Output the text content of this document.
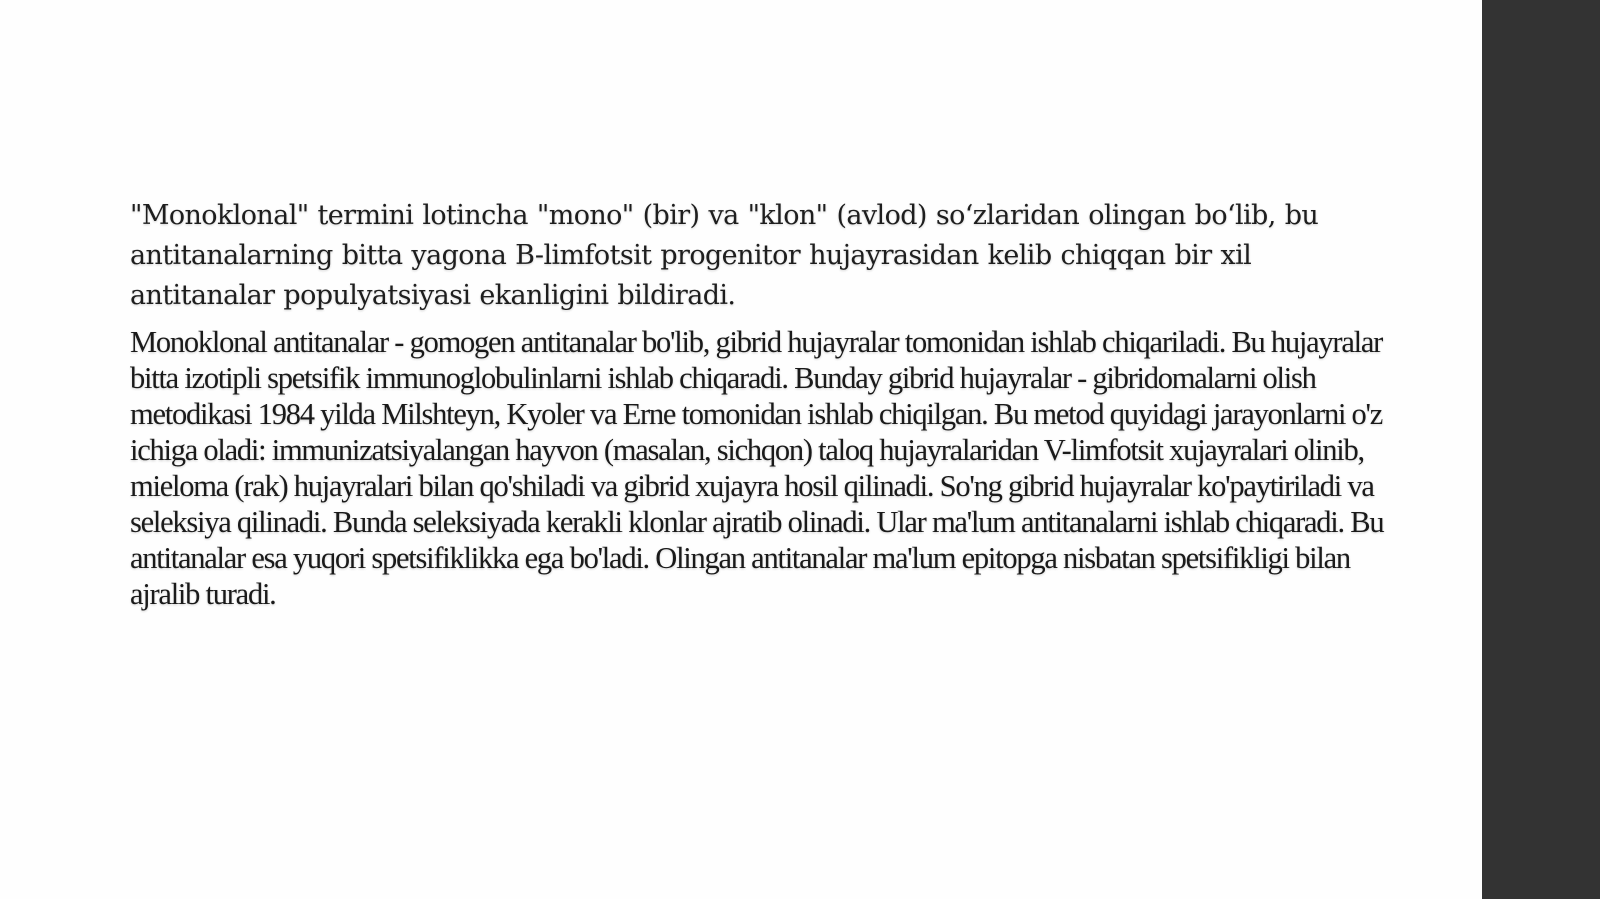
"Monoklonal" termini lotincha "mono" (bir) va "klon" (avlod) so‘zlaridan olingan bo‘lib, bu antitanalarning bitta yagona B-limfotsit progenitor hujayrasidan kelib chiqqan bir xil antitanalar populyatsiyasi ekanligini bildiradi.

Monoklonal antitanalar - gomogen antitanalar bo'lib, gibrid hujayralar tomonidan ishlab chiqariladi. Bu hujayralar bitta izotipli spetsifik immunoglobulinlarni ishlab chiqaradi. Bunday gibrid hujayralar - gibridomalarni olish metodikasi 1984 yilda Milshteyn, Kyoler va Erne tomonidan ishlab chiqilgan. Bu metod quyidagi jarayonlarni o'z ichiga oladi: immunizatsiyalangan hayvon (masalan, sichqon) taloq hujayralaridan V-limfotsit xujayralari olinib, mieloma (rak) hujayralari bilan qo'shiladi va gibrid xujayra hosil qilinadi. So'ng gibrid hujayralar ko'paytiriladi va seleksiya qilinadi. Bunda seleksiyada kerakli klonlar ajratib olinadi. Ular ma'lum antitanalarni ishlab chiqaradi. Bu antitanalar esa yuqori spetsifiklikka ega bo'ladi. Olingan antitanalar ma'lum epitopga nisbatan spetsifikligi bilan ajralib turadi.
